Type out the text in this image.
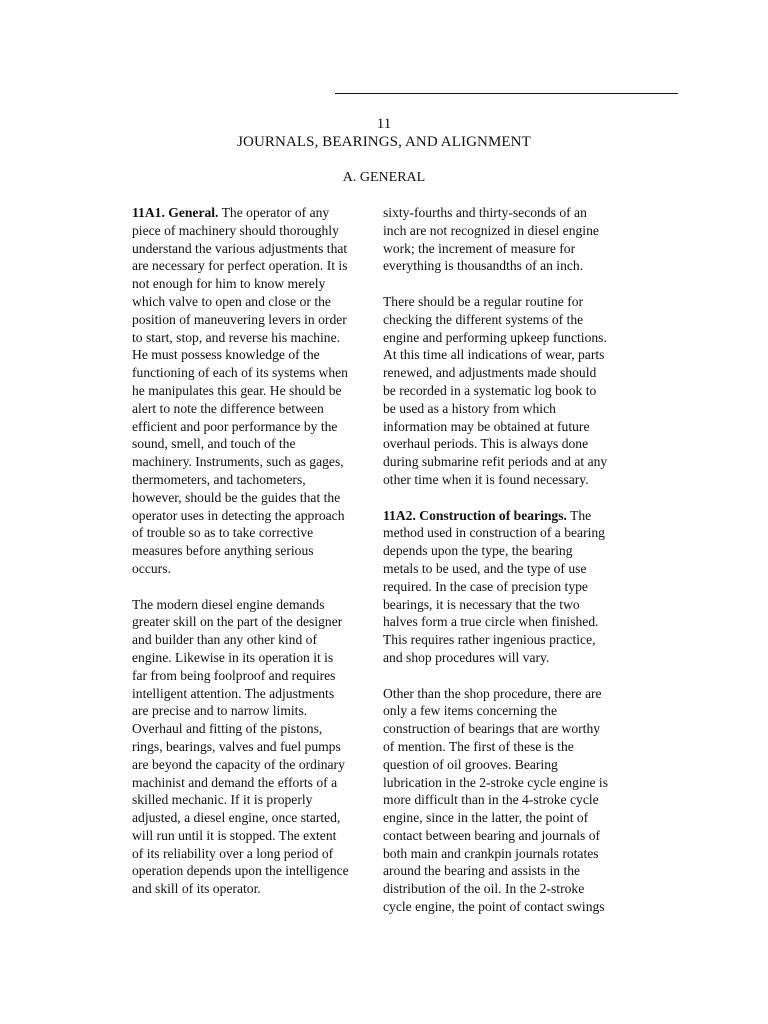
11
JOURNALS, BEARINGS, AND ALIGNMENT
A. GENERAL
11A1. General. The operator of any
piece of machinery should thoroughly
understand the various adjustments that
are necessary for perfect operation. It is
not enough for him to know merely
which valve to open and close or the
position of maneuvering levers in order
to start, stop, and reverse his machine.
He must possess knowledge of the
functioning of each of its systems when
he manipulates this gear. He should be
alert to note the difference between
efficient and poor performance by the
sound, smell, and touch of the
machinery. Instruments, such as gages,
thermometers, and tachometers,
however, should be the guides that the
operator uses in detecting the approach
of trouble so as to take corrective
measures before anything serious
occurs.
The modern diesel engine demands
greater skill on the part of the designer
and builder than any other kind of
engine. Likewise in its operation it is
far from being foolproof and requires
intelligent attention. The adjustments
are precise and to narrow limits.
Overhaul and fitting of the pistons,
rings, bearings, valves and fuel pumps
are beyond the capacity of the ordinary
machinist and demand the efforts of a
skilled mechanic. If it is properly
adjusted, a diesel engine, once started,
will run until it is stopped. The extent
of its reliability over a long period of
operation depends upon the intelligence
and skill of its operator.
sixty-fourths and thirty-seconds of an
inch are not recognized in diesel engine
work; the increment of measure for
everything is thousandths of an inch.
There should be a regular routine for
checking the different systems of the
engine and performing upkeep functions.
At this time all indications of wear, parts
renewed, and adjustments made should
be recorded in a systematic log book to
be used as a history from which
information may be obtained at future
overhaul periods. This is always done
during submarine refit periods and at any
other time when it is found necessary.
11A2. Construction of bearings. The
method used in construction of a bearing
depends upon the type, the bearing
metals to be used, and the type of use
required. In the case of precision type
bearings, it is necessary that the two
halves form a true circle when finished.
This requires rather ingenious practice,
and shop procedures will vary.
Other than the shop procedure, there are
only a few items concerning the
construction of bearings that are worthy
of mention. The first of these is the
question of oil grooves. Bearing
lubrication in the 2-stroke cycle engine is
more difficult than in the 4-stroke cycle
engine, since in the latter, the point of
contact between bearing and journals of
both main and crankpin journals rotates
around the bearing and assists in the
distribution of the oil. In the 2-stroke
cycle engine, the point of contact swings
